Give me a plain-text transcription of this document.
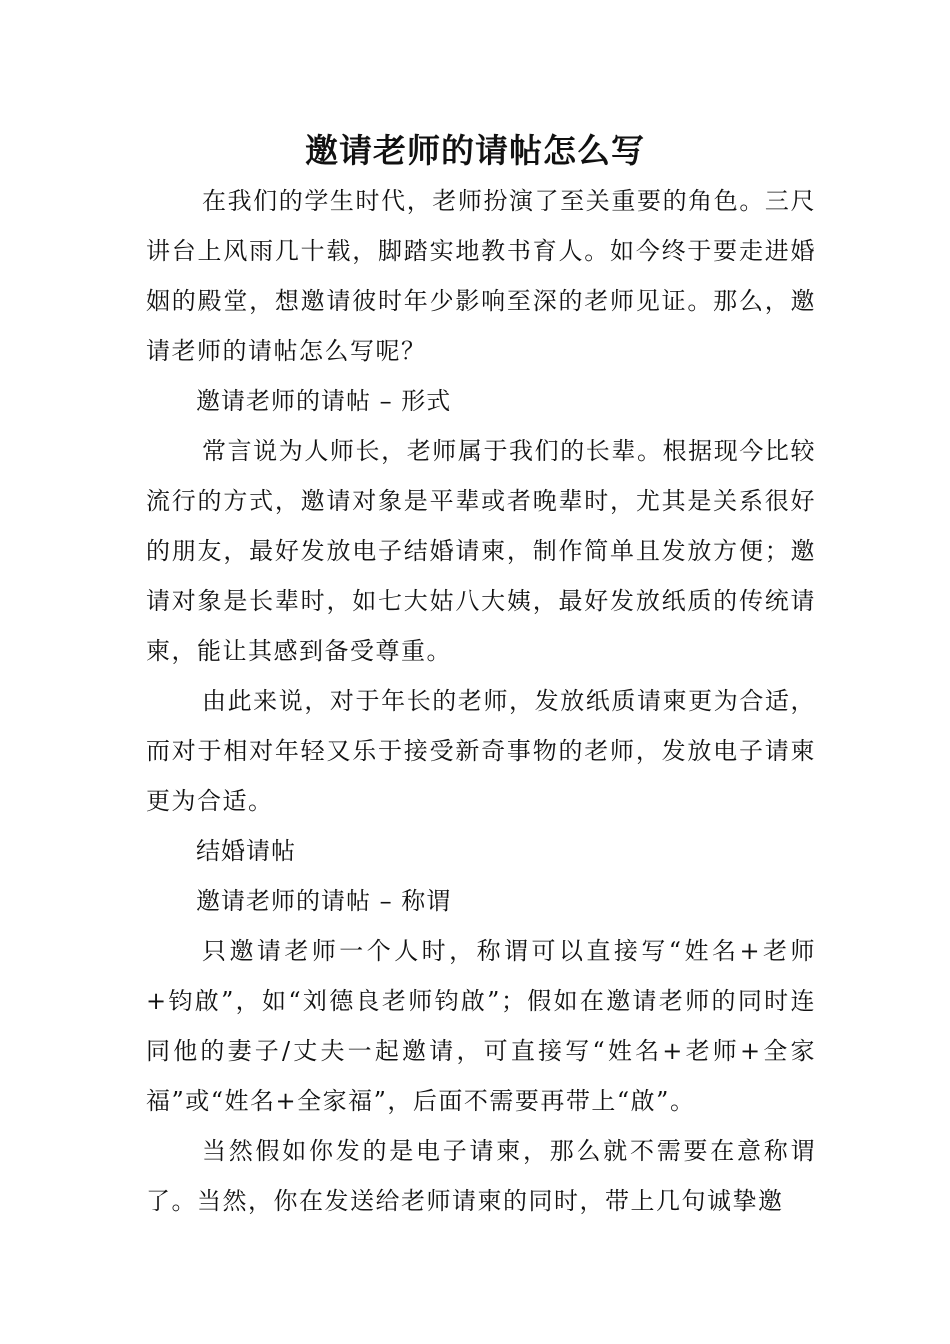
邀请老师的请帖怎么写

在我们的学生时代，老师扮演了至关重要的角色。三尺讲台上风雨几十载，脚踏实地教书育人。如今终于要走进婚姻的殿堂，想邀请彼时年少影响至深的老师见证。那么，邀请老师的请帖怎么写呢？

邀请老师的请帖 – 形式

常言说为人师长，老师属于我们的长辈。根据现今比较流行的方式，邀请对象是平辈或者晚辈时，尤其是关系很好的朋友，最好发放电子结婚请柬，制作简单且发放方便；邀请对象是长辈时，如七大姑八大姨，最好发放纸质的传统请柬，能让其感到备受尊重。

由此来说，对于年长的老师，发放纸质请柬更为合适，而对于相对年轻又乐于接受新奇事物的老师，发放电子请柬更为合适。

结婚请帖

邀请老师的请帖 – 称谓

只邀请老师一个人时，称谓可以直接写“姓名+老师+钧啟”，如“刘德良老师钧啟”；假如在邀请老师的同时连同他的妻子/丈夫一起邀请，可直接写“姓名+老师+全家福”或“姓名+全家福”，后面不需要再带上“啟”。

当然假如你发的是电子请柬，那么就不需要在意称谓了。当然，你在发送给老师请柬的同时，带上几句诚挚邀
